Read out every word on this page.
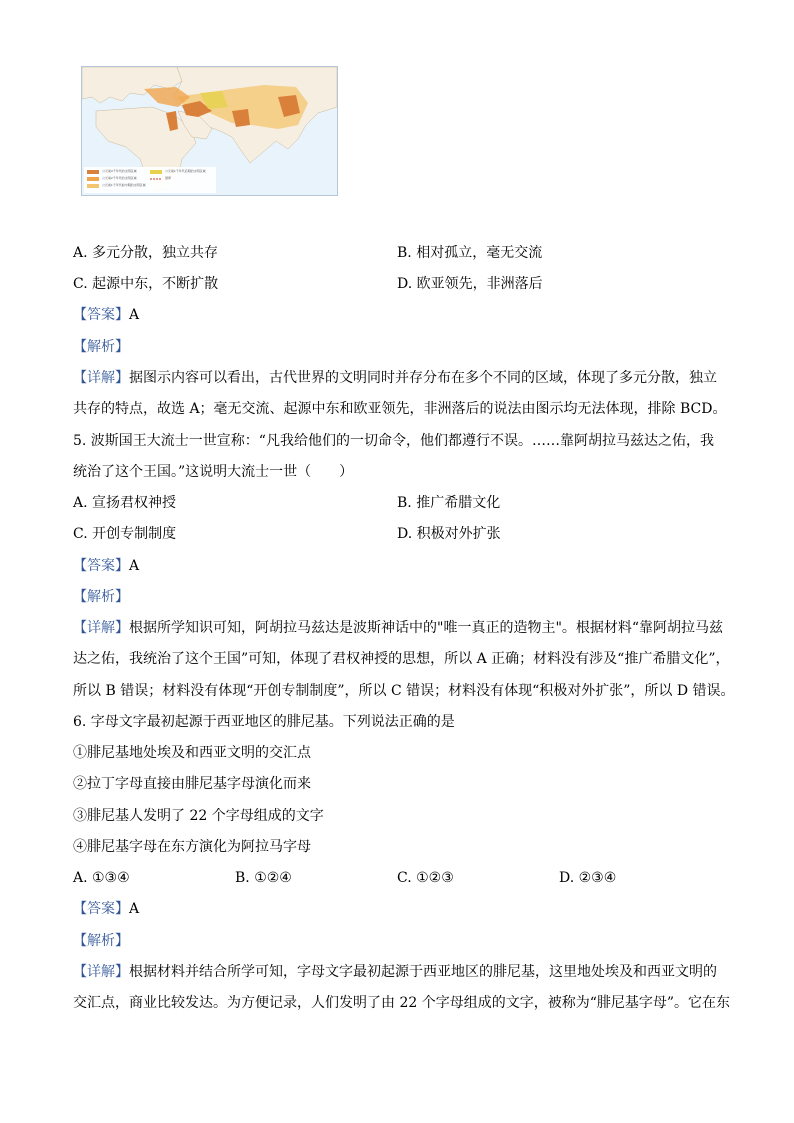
公元前3千年代的文明区域
公元前2千年代的文明区域
公元前1千年代前中期的文明区域
公元前1千年代后期的文明区域
国界
A. 多元分散，独立共存	B. 相对孤立，毫无交流
C. 起源中东，不断扩散	D. 欧亚领先，非洲落后
【答案】A
【解析】
【详解】据图示内容可以看出，古代世界的文明同时并存分布在多个不同的区域，体现了多元分散，独立
共存的特点，故选 A；毫无交流、起源中东和欧亚领先，非洲落后的说法由图示均无法体现，排除 BCD。
5. 波斯国王大流士一世宣称：“凡我给他们的一切命令，他们都遵行不误。……靠阿胡拉马兹达之佑，我
统治了这个王国。”这说明大流士一世（　　）
A. 宣扬君权神授	B. 推广希腊文化
C. 开创专制制度	D. 积极对外扩张
【答案】A
【解析】
【详解】根据所学知识可知，阿胡拉马兹达是波斯神话中的"唯一真正的造物主"。根据材料“靠阿胡拉马兹
达之佑，我统治了这个王国”可知，体现了君权神授的思想，所以 A 正确；材料没有涉及“推广希腊文化”，
所以 B 错误；材料没有体现“开创专制制度”，所以 C 错误；材料没有体现“积极对外扩张”，所以 D 错误。
6. 字母文字最初起源于西亚地区的腓尼基。下列说法正确的是
①腓尼基地处埃及和西亚文明的交汇点
②拉丁字母直接由腓尼基字母演化而来
③腓尼基人发明了 22 个字母组成的文字
④腓尼基字母在东方演化为阿拉马字母
A. ①③④	B. ①②④	C. ①②③	D. ②③④
【答案】A
【解析】
【详解】根据材料并结合所学可知，字母文字最初起源于西亚地区的腓尼基，这里地处埃及和西亚文明的
交汇点，商业比较发达。为方便记录，人们发明了由 22 个字母组成的文字，被称为“腓尼基字母”。它在东
